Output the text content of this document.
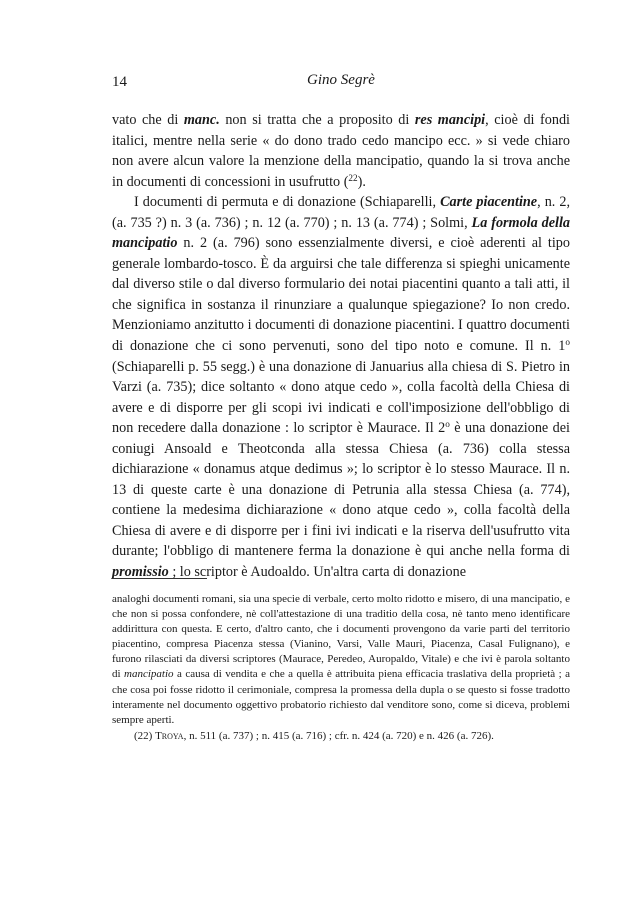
14	Gino Segrè

vato che di manc. non si tratta che a proposito di res mancipi, cioè di fondi italici, mentre nella serie « do dono trado cedo mancipo ecc. » si vede chiaro non avere alcun valore la menzione della mancipatio, quando la si trova anche in documenti di concessioni in usufrutto ($^{22}$).

I documenti di permuta e di donazione (Schiaparelli, Carte piacentine, n. 2, (a. 735 ?) n. 3 (a. 736) ; n. 12 (a. 770) ; n. 13 (a. 774) ; Solmi, La formola della mancipatio n. 2 (a. 796) sono essenzialmente diversi, e cioè aderenti al tipo generale lombardo-tosco. È da arguirsi che tale differenza si spieghi unicamente dal diverso stile o dal diverso formulario dei notai piacentini quanto a tali atti, il che significa in sostanza il rinunziare a qualunque spiegazione? Io non credo. Menzioniamo anzitutto i documenti di donazione piacentini. I quattro documenti di donazione che ci sono pervenuti, sono del tipo noto e comune. Il n. 1$^o$ (Schiaparelli p. 55 segg.) è una donazione di Januarius alla chiesa di S. Pietro in Varzi (a. 735); dice soltanto « dono atque cedo », colla facoltà della Chiesa di avere e di disporre per gli scopi ivi indicati e coll'imposizione dell'obbligo di non recedere dalla donazione : lo scriptor è Maurace. Il 2$^o$ è una donazione dei coniugi Ansoald e Theotconda alla stessa Chiesa (a. 736) colla stessa dichiarazione « donamus atque dedimus »; lo scriptor è lo stesso Maurace. Il n. 13 di queste carte è una donazione di Petrunia alla stessa Chiesa (a. 774), contiene la medesima dichiarazione « dono atque cedo », colla facoltà della Chiesa di avere e di disporre per i fini ivi indicati e la riserva dell'usufrutto vita durante; l'obbligo di mantenere ferma la donazione è qui anche nella forma di promissio ; lo scriptor è Audoaldo. Un'altra carta di donazione

analoghi documenti romani, sia una specie di verbale, certo molto ridotto e misero, di una mancipatio, e che non si possa confondere, nè coll'attestazione di una traditio della cosa, nè tanto meno identificare addirittura con questa. E certo, d'altro canto, che i documenti provengono da varie parti del territorio piacentino, compresa Piacenza stessa (Vianino, Varsi, Valle Mauri, Piacenza, Casal Fulignano), e furono rilasciati da diversi scriptores (Maurace, Peredeo, Auropaldo, Vitale) e che ivi è parola soltanto di mancipatio a causa di vendita e che a quella è attribuita piena efficacia traslativa della proprietà ; a che cosa poi fosse ridotto il cerimoniale, compresa la promessa della dupla o se questo si fosse tradotto interamente nel documento oggettivo probatorio richiesto dal venditore sono, come si diceva, problemi sempre aperti.

(22) Troya, n. 511 (a. 737) ; n. 415 (a. 716) ; cfr. n. 424 (a. 720) e n. 426 (a. 726).
